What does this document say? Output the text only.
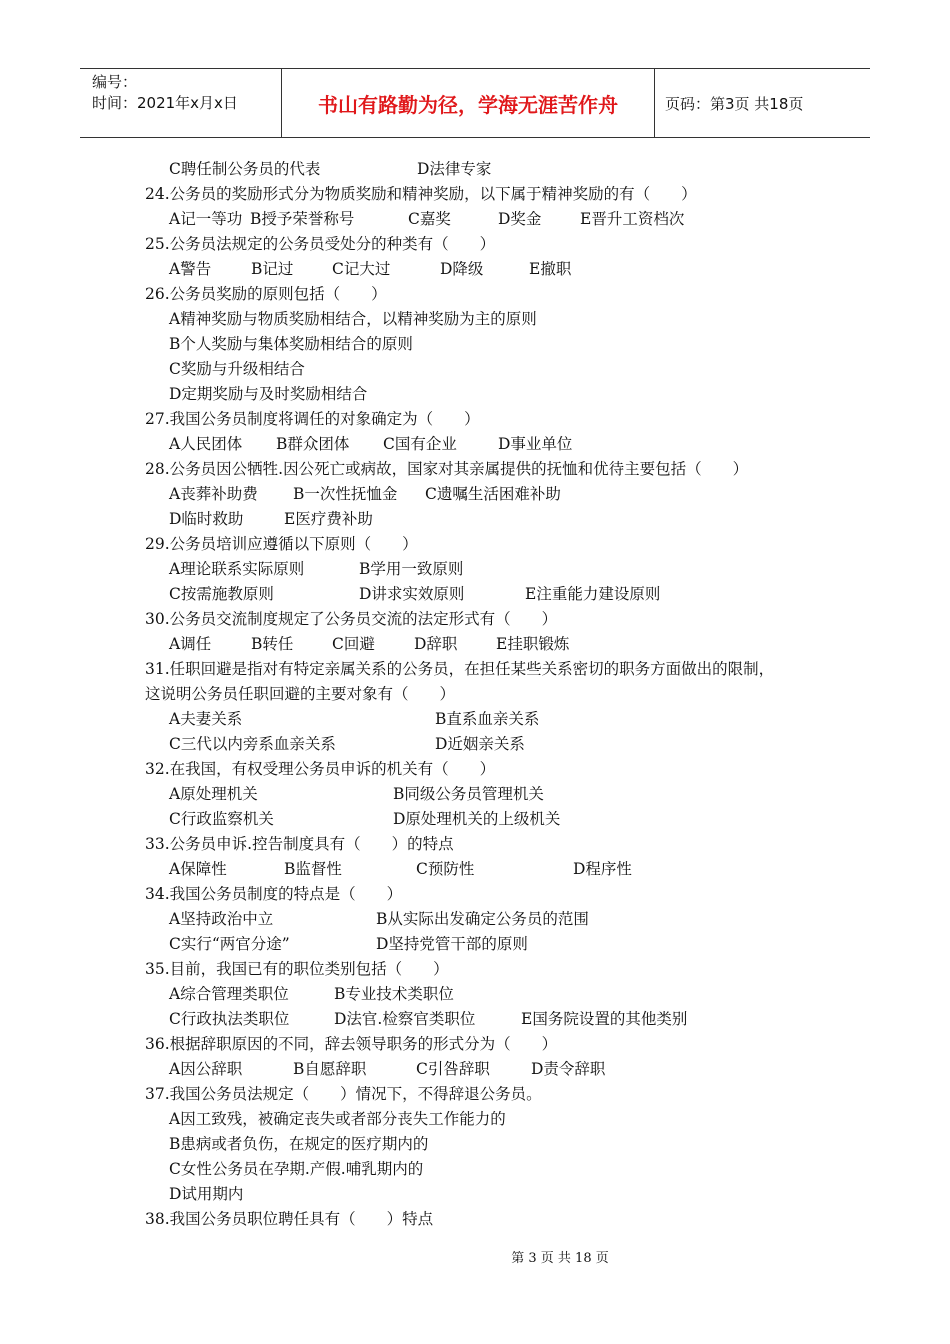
编号：
时间：2021年x月x日	书山有路勤为径，学海无涯苦作舟	页码：第3页 共18页
C聘任制公务员的代表	D法律专家
24.公务员的奖励形式分为物质奖励和精神奖励，以下属于精神奖励的有（　　）
A记一等功 B授予荣誉称号	C嘉奖	D奖金 E晋升工资档次
25.公务员法规定的公务员受处分的种类有（　　）
A警告	B记过 C记大过	D降级	E撤职
26.公务员奖励的原则包括（　　）
A精神奖励与物质奖励相结合，以精神奖励为主的原则
B个人奖励与集体奖励相结合的原则
C奖励与升级相结合
D定期奖励与及时奖励相结合
27.我国公务员制度将调任的对象确定为（　　）
A人民团体 B群众团体 C国有企业	D事业单位
28.公务员因公牺牲.因公死亡或病故，国家对其亲属提供的抚恤和优待主要包括（　　）
A丧葬补助费 B一次性抚恤金 C遗嘱生活困难补助
D临时救助	E医疗费补助
29.公务员培训应遵循以下原则（　　）
A理论联系实际原则	B学用一致原则
C按需施教原则	D讲求实效原则	E注重能力建设原则
30.公务员交流制度规定了公务员交流的法定形式有（　　）
A调任	B转任 C回避	D辞职 E挂职锻炼
31.任职回避是指对有特定亲属关系的公务员，在担任某些关系密切的职务方面做出的限制，
这说明公务员任职回避的主要对象有（　　）
A夫妻关系	B直系血亲关系
C三代以内旁系血亲关系	D近姻亲关系
32.在我国，有权受理公务员申诉的机关有（　　）
A原处理机关	B同级公务员管理机关
C行政监察机关	D原处理机关的上级机关
33.公务员申诉.控告制度具有（　　）的特点
A保障性	B监督性	C预防性	D程序性
34.我国公务员制度的特点是（　　）
A坚持政治中立	B从实际出发确定公务员的范围
C实行“两官分途”	D坚持党管干部的原则
35.目前，我国已有的职位类别包括（　　）
A综合管理类职位	B专业技术类职位
C行政执法类职位	D法官.检察官类职位	E国务院设置的其他类别
36.根据辞职原因的不同，辞去领导职务的形式分为（　　）
A因公辞职	B自愿辞职	C引咎辞职	D责令辞职
37.我国公务员法规定（　　）情况下，不得辞退公务员。
A因工致残，被确定丧失或者部分丧失工作能力的
B患病或者负伤，在规定的医疗期内的
C女性公务员在孕期.产假.哺乳期内的
D试用期内
38.我国公务员职位聘任具有（　　）特点
第 3 页 共 18 页
